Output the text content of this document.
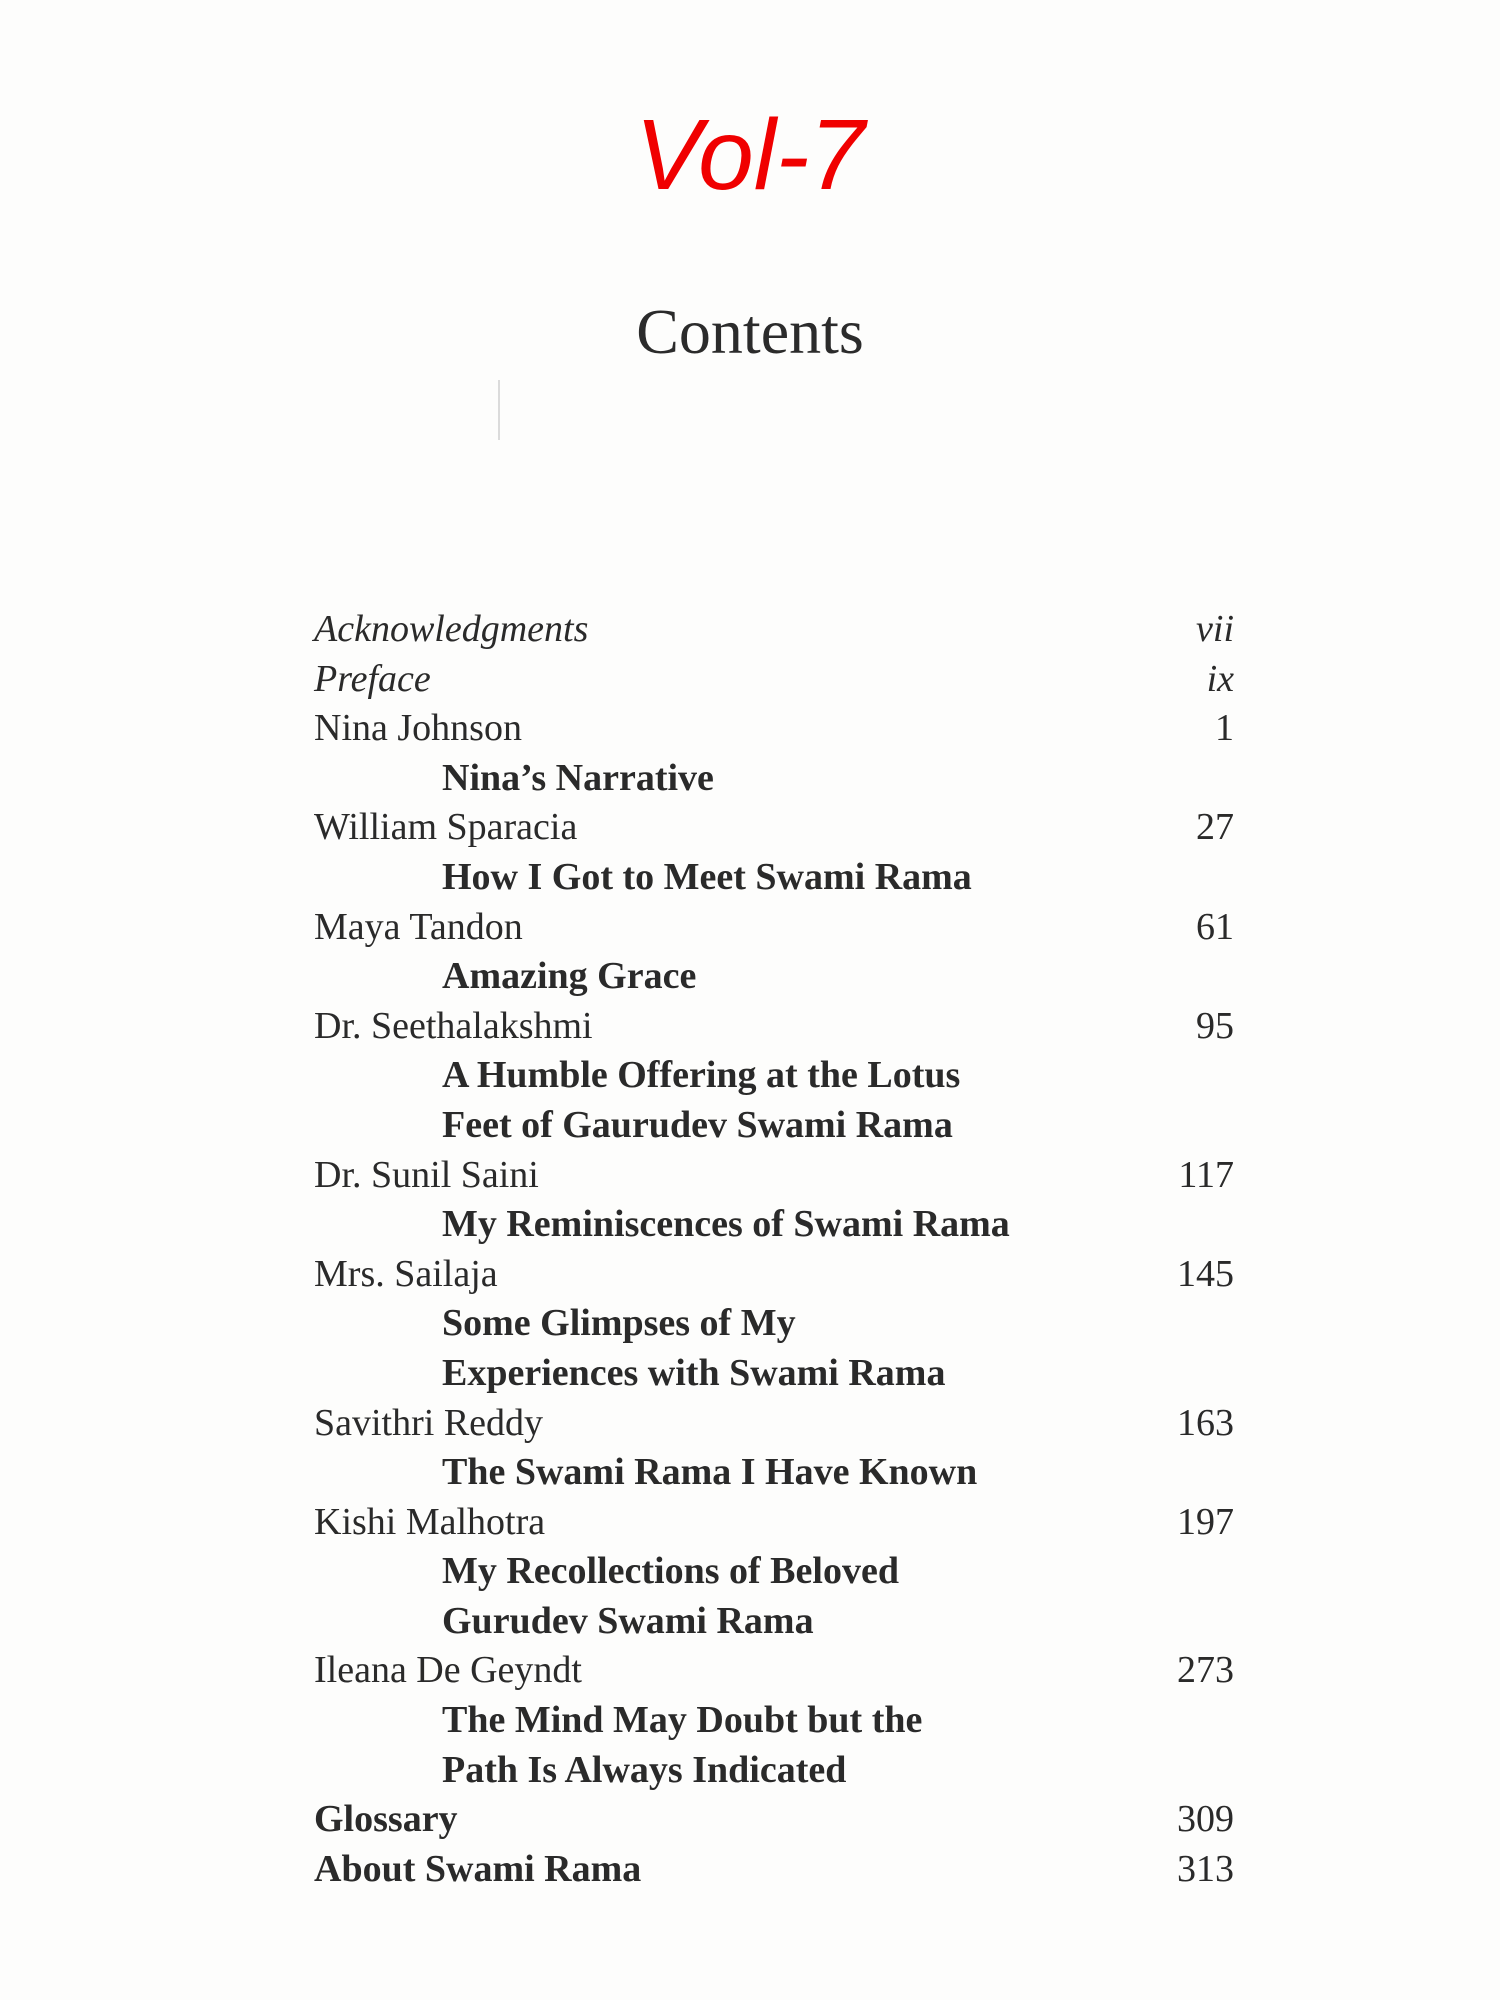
Vol-7
Contents
Acknowledgments	vii
Preface	ix
Nina Johnson	1
Nina’s Narrative
William Sparacia	27
How I Got to Meet Swami Rama
Maya Tandon	61
Amazing Grace
Dr. Seethalakshmi	95
A Humble Offering at the Lotus
Feet of Gaurudev Swami Rama
Dr. Sunil Saini	117
My Reminiscences of Swami Rama
Mrs. Sailaja	145
Some Glimpses of My
Experiences with Swami Rama
Savithri Reddy	163
The Swami Rama I Have Known
Kishi Malhotra	197
My Recollections of Beloved
Gurudev Swami Rama
Ileana De Geyndt	273
The Mind May Doubt but the
Path Is Always Indicated
Glossary	309
About Swami Rama	313
